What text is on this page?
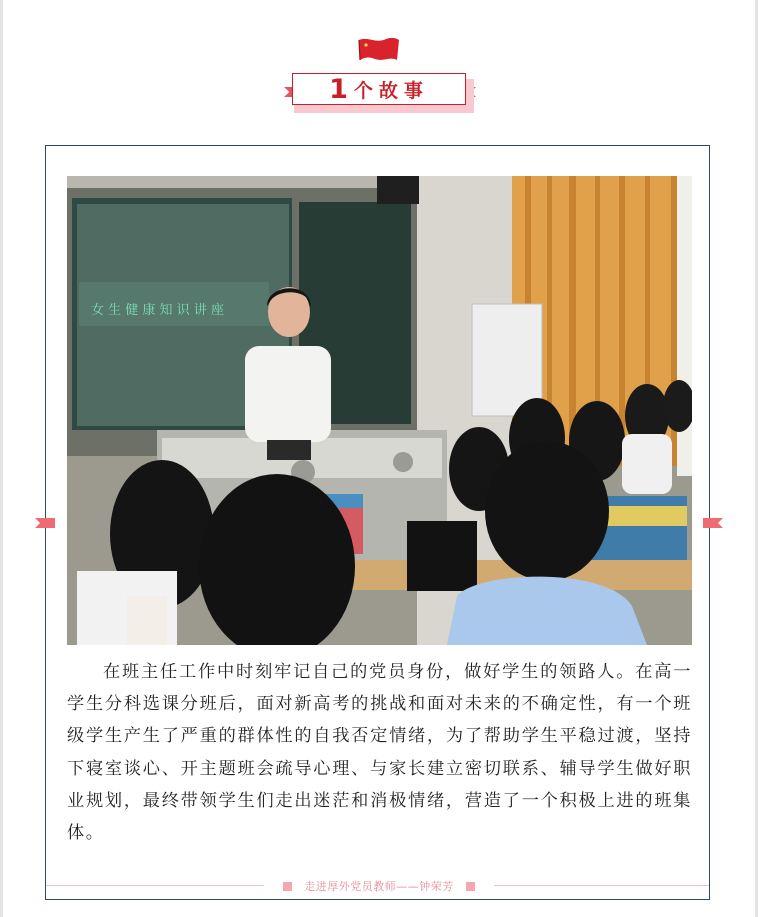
1 个故事
女 生 健 康 知 识 讲 座

在班主任工作中时刻牢记自己的党员身份，做好学生的领路人。在高一学生分科选课分班后，面对新高考的挑战和面对未来的不确定性，有一个班级学生产生了严重的群体性的自我否定情绪，为了帮助学生平稳过渡，坚持下寝室谈心、开主题班会疏导心理、与家长建立密切联系、辅导学生做好职业规划，最终带领学生们走出迷茫和消极情绪，营造了一个积极上进的班集体。

走进厚外党员教师——钟荣芳
